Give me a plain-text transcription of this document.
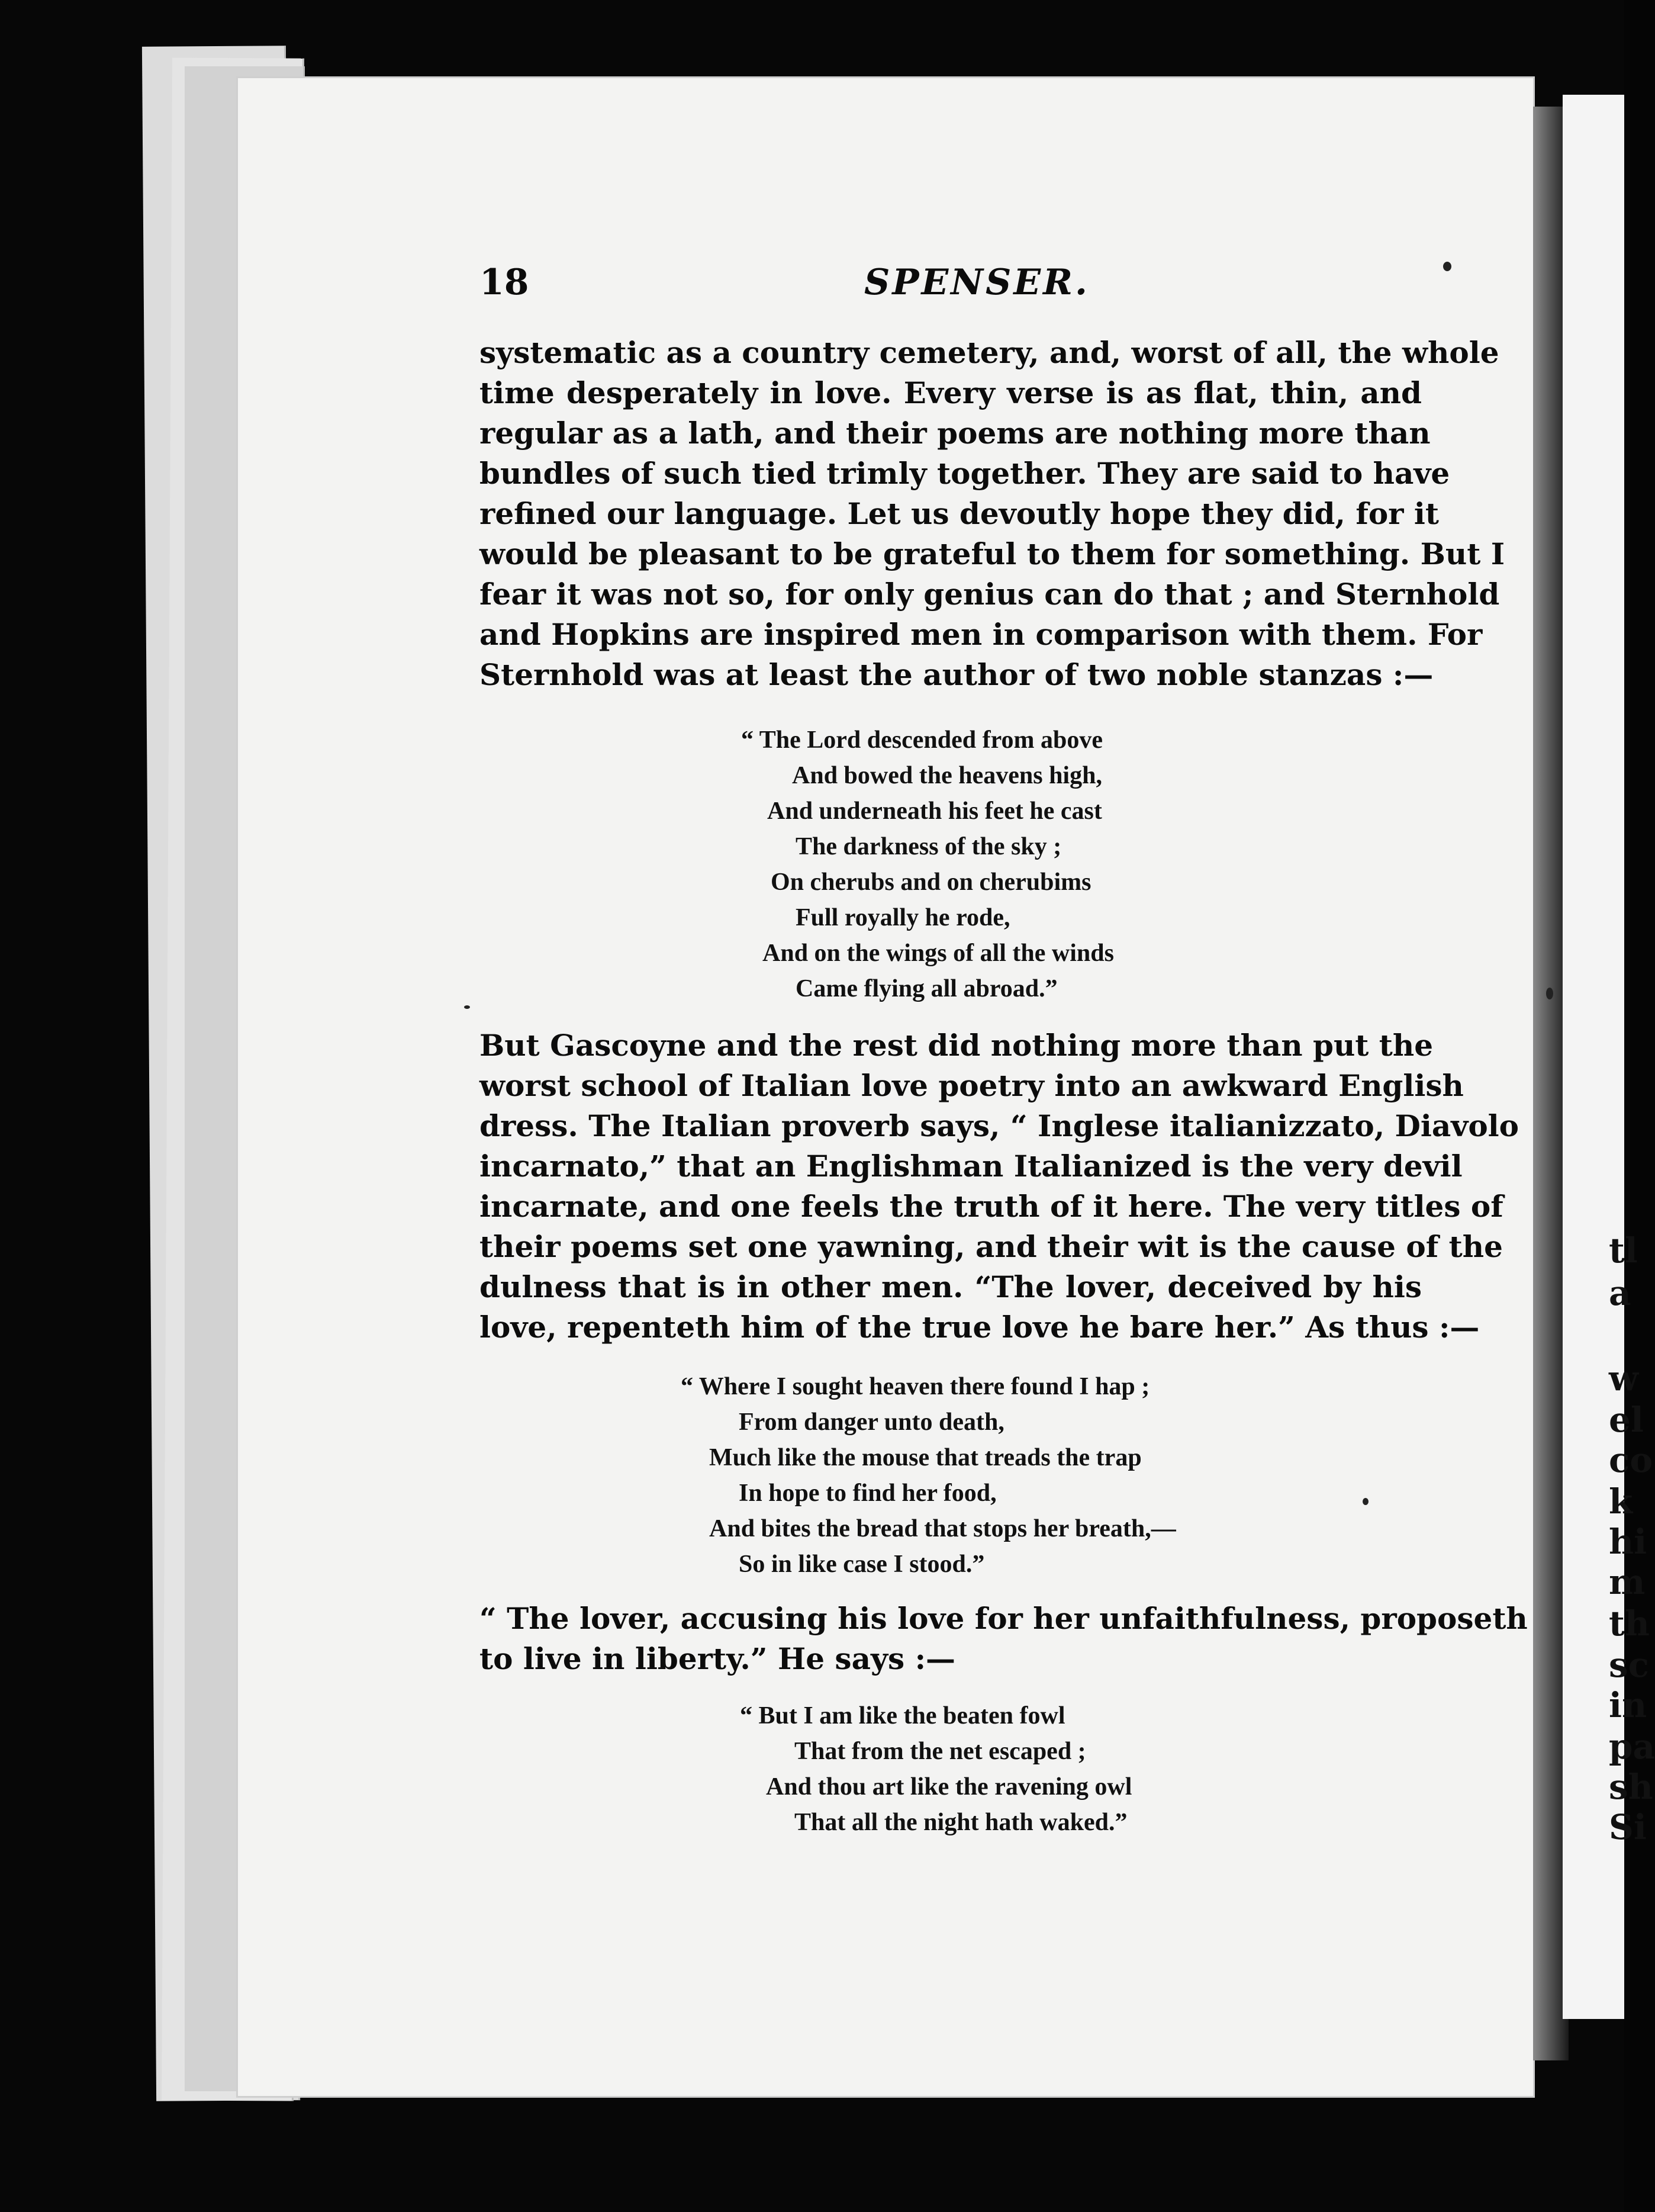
tl
a
w
el
co
k
hi
m
th
sc
in
pa
sh
Si
18	SPENSER.
systematic as a country cemetery, and, worst of all, the whole
time desperately in love. Every verse is as flat, thin, and
regular as a lath, and their poems are nothing more than
bundles of such tied trimly together. They are said to have
refined our language. Let us devoutly hope they did, for it
would be pleasant to be grateful to them for something. But I
fear it was not so, for only genius can do that ; and Sternhold
and Hopkins are inspired men in comparison with them. For
Sternhold was at least the author of two noble stanzas :—
“ The Lord descended from above
And bowed the heavens high,
And underneath his feet he cast
The darkness of the sky ;
On cherubs and on cherubims
Full royally he rode,
And on the wings of all the winds
Came flying all abroad.”
But Gascoyne and the rest did nothing more than put the
worst school of Italian love poetry into an awkward English
dress. The Italian proverb says, “ Inglese italianizzato, Diavolo
incarnato,” that an Englishman Italianized is the very devil
incarnate, and one feels the truth of it here. The very titles of
their poems set one yawning, and their wit is the cause of the
dulness that is in other men. “The lover, deceived by his
love, repenteth him of the true love he bare her.” As thus :—
“ Where I sought heaven there found I hap ;
From danger unto death,
Much like the mouse that treads the trap
In hope to find her food,
And bites the bread that stops her breath,—
So in like case I stood.”
“ The lover, accusing his love for her unfaithfulness, proposeth
to live in liberty.” He says :—
“ But I am like the beaten fowl
That from the net escaped ;
And thou art like the ravening owl
That all the night hath waked.”
